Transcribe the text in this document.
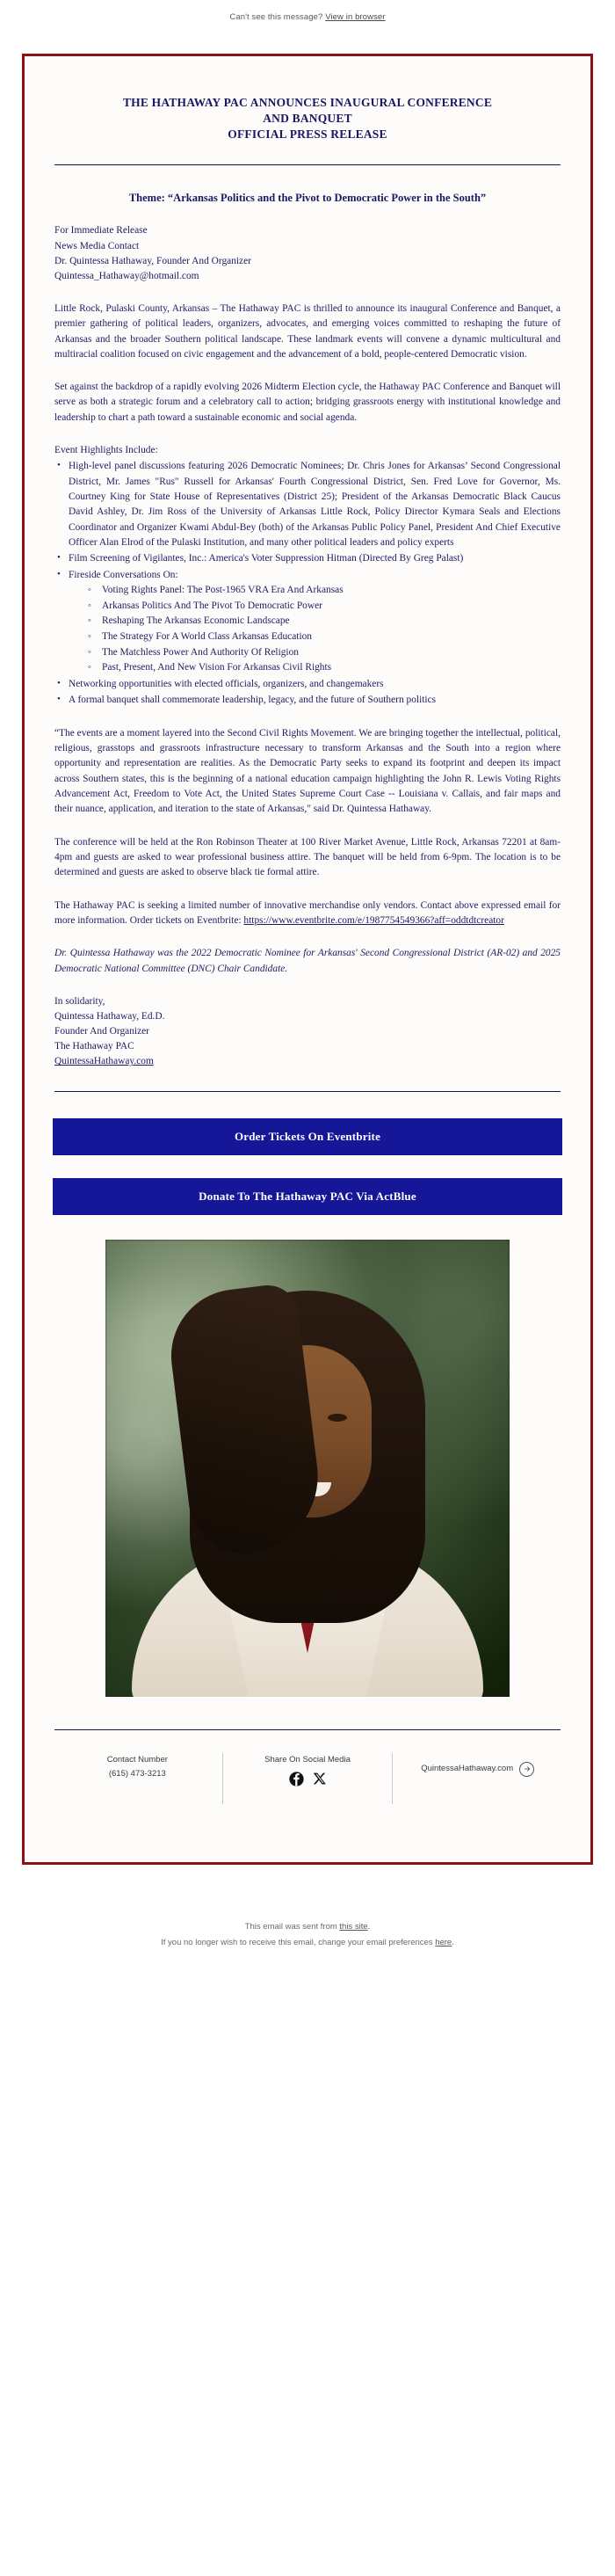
Can't see this message? View in browser
THE HATHAWAY PAC ANNOUNCES INAUGURAL CONFERENCE
AND BANQUET
OFFICIAL PRESS RELEASE
Theme: “Arkansas Politics and the Pivot to Democratic Power in the South”
For Immediate Release
News Media Contact
Dr. Quintessa Hathaway, Founder And Organizer
Quintessa_Hathaway@hotmail.com
Little Rock, Pulaski County, Arkansas – The Hathaway PAC is thrilled to announce its inaugural Conference and Banquet, a premier gathering of political leaders, organizers, advocates, and emerging voices committed to reshaping the future of Arkansas and the broader Southern political landscape. These landmark events will convene a dynamic multicultural and multiracial coalition focused on civic engagement and the advancement of a bold, people-centered Democratic vision.
Set against the backdrop of a rapidly evolving 2026 Midterm Election cycle, the Hathaway PAC Conference and Banquet will serve as both a strategic forum and a celebratory call to action; bridging grassroots energy with institutional knowledge and leadership to chart a path toward a sustainable economic and social agenda.
Event Highlights Include:
• High-level panel discussions featuring 2026 Democratic Nominees; Dr. Chris Jones for Arkansas’ Second Congressional District, Mr. James "Rus" Russell for Arkansas' Fourth Congressional District, Sen. Fred Love for Governor, Ms. Courtney King for State House of Representatives (District 25); President of the Arkansas Democratic Black Caucus David Ashley, Dr. Jim Ross of the University of Arkansas Little Rock, Policy Director Kymara Seals and Elections Coordinator and Organizer Kwami Abdul-Bey (both) of the Arkansas Public Policy Panel, President And Chief Executive Officer Alan Elrod of the Pulaski Institution, and many other political leaders and policy experts
• Film Screening of Vigilantes, Inc.: America's Voter Suppression Hitman (Directed By Greg Palast)
• Fireside Conversations On:
◦ Voting Rights Panel: The Post-1965 VRA Era And Arkansas
◦ Arkansas Politics And The Pivot To Democratic Power
◦ Reshaping The Arkansas Economic Landscape
◦ The Strategy For A World Class Arkansas Education
◦ The Matchless Power And Authority Of Religion
◦ Past, Present, And New Vision For Arkansas Civil Rights
• Networking opportunities with elected officials, organizers, and changemakers
• A formal banquet shall commemorate leadership, legacy, and the future of Southern politics
“The events are a moment layered into the Second Civil Rights Movement. We are bringing together the intellectual, political, religious, grasstops and grassroots infrastructure necessary to transform Arkansas and the South into a region where opportunity and representation are realities. As the Democratic Party seeks to expand its footprint and deepen its impact across Southern states, this is the beginning of a national education campaign highlighting the John R. Lewis Voting Rights Advancement Act, Freedom to Vote Act, the United States Supreme Court Case -- Louisiana v. Callais, and fair maps and their nuance, application, and iteration to the state of Arkansas," said Dr. Quintessa Hathaway.
The conference will be held at the Ron Robinson Theater at 100 River Market Avenue, Little Rock, Arkansas 72201 at 8am-4pm and guests are asked to wear professional business attire. The banquet will be held from 6-9pm. The location is to be determined and guests are asked to observe black tie formal attire.
The Hathaway PAC is seeking a limited number of innovative merchandise only vendors. Contact above expressed email for more information. Order tickets on Eventbrite: https://www.eventbrite.com/e/1987754549366?aff=oddtdtcreator
Dr. Quintessa Hathaway was the 2022 Democratic Nominee for Arkansas' Second Congressional District (AR-02) and 2025 Democratic National Committee (DNC) Chair Candidate.
In solidarity,
Quintessa Hathaway, Ed.D.
Founder And Organizer
The Hathaway PAC
QuintessaHathaway.com
Order Tickets On Eventbrite
Donate To The Hathaway PAC Via ActBlue
Contact Number
(615) 473-3213
Share On Social Media
QuintessaHathaway.com
This email was sent from this site.
If you no longer wish to receive this email, change your email preferences here.
